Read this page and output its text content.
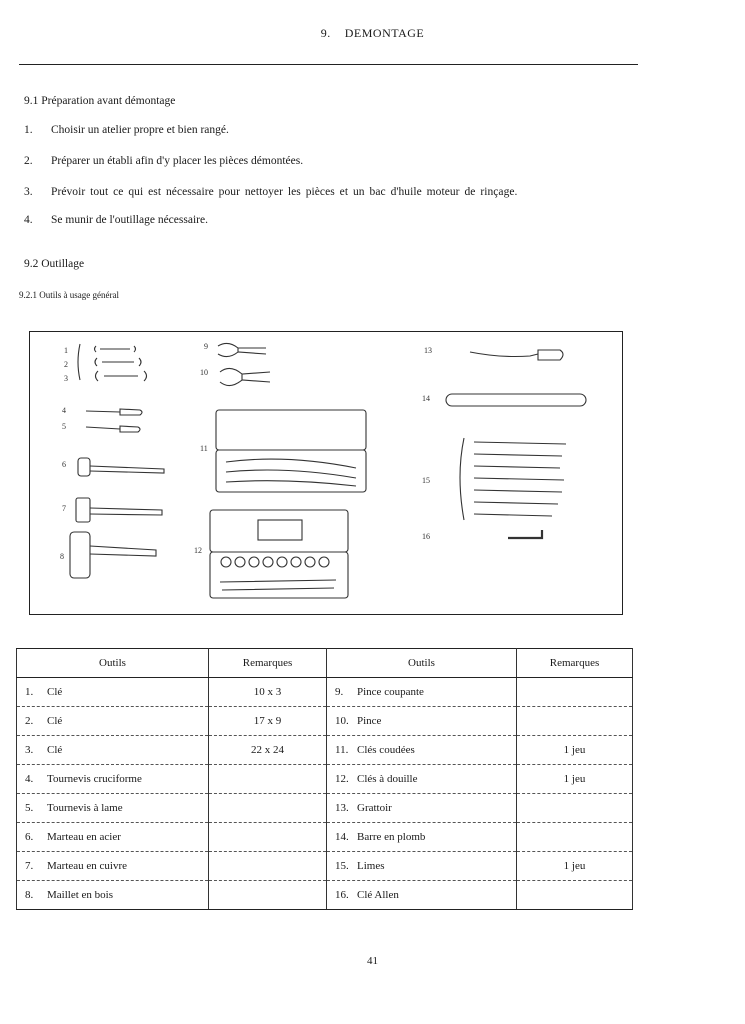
9. DEMONTAGE
9.1 Préparation avant démontage
1. Choisir un atelier propre et bien rangé.
2. Préparer un établi afin d'y placer les pièces démontées.
3. Prévoir tout ce qui est nécessaire pour nettoyer les pièces et un bac d'huile moteur de rinçage.
4. Se munir de l'outillage nécessaire.
9.2 Outillage
9.2.1 Outils à usage général
1
2
3
4
5
6
7
8
9
10
11
12
13
14
15
16
Outils	Remarques	Outils	Remarques
1. Clé	10 x 3	9. Pince coupante	
2. Clé	17 x 9	10. Pince	
3. Clé	22 x 24	11. Clés coudées	1 jeu
4. Tournevis cruciforme		12. Clés à douille	1 jeu
5. Tournevis à lame		13. Grattoir	
6. Marteau en acier		14. Barre en plomb	
7. Marteau en cuivre		15. Limes	1 jeu
8. Maillet en bois		16. Clé Allen	
41
